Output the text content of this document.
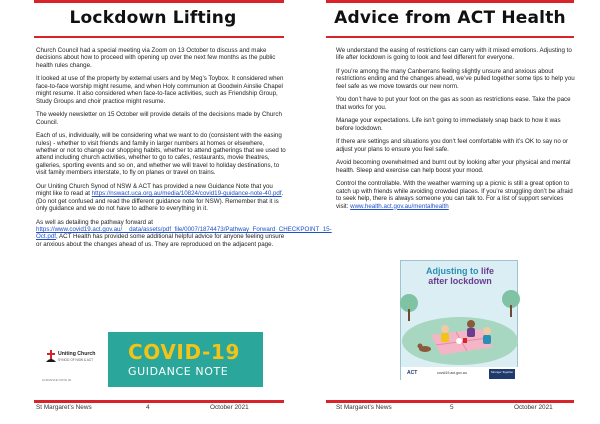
Lockdown Lifting

Church Council had a special meeting via Zoom on 13 October to discuss and make decisions about how to proceed with opening up over the next few months as the public health rules change.

It looked at use of the property by external users and by Meg’s Toybox. It considered when face-to-face worship might resume, and when Holy communion at Goodwin Ainslie Chapel might resume. It also considered when face-to-face activities, such as Friendship Group, Study Groups and choir practice might resume.

The weekly newsletter on 15 October will provide details of the decisions made by Church Council.

Each of us, individually, will be considering what we want to do (consistent with the easing rules) - whether to visit friends and family in larger numbers at homes or elsewhere, whether or not to change our shopping habits, whether to attend gatherings that we used to attend including church activities, whether to go to cafes, restaurants, movie theatres, galleries, sporting events and so on, and whether we will travel to holiday destinations, to visit family members interstate, to fly on planes or travel on trains.

Our Uniting Church Synod of NSW & ACT has provided a new Guidance Note that you might like to read at https://nswact.uca.org.au/media/10824/covid19-guidance-note-40.pdf. (Do not get confused and read the different guidance note for NSW). Remember that it is only guidance and we do not have to adhere to everything in it.

As well as detailing the pathway forward at https://www.covid19.act.gov.au/__data/assets/pdf_file/0007/1874473/Pathway_Forward_CHECKPOINT_15-Oct.pdf, ACT Health has provided some additional helpful advice for anyone feeling unsure or anxious about the changes ahead of us. They are reproduced on the adjacent page.

Uniting Church
SYNOD OF NSW & ACT
GUIDANCE NOTE 40
COVID-19
GUIDANCE NOTE
St Margaret’s News	4	October 2021
Advice from ACT Health

We understand the easing of restrictions can carry with it mixed emotions. Adjusting to life after lockdown is going to look and feel different for everyone.

If you’re among the many Canberrans feeling slightly unsure and anxious about restrictions ending and the changes ahead, we’ve pulled together some tips to help you feel safe as we move towards our new norm.

You don’t have to put your foot on the gas as soon as restrictions ease. Take the pace that works for you.

Manage your expectations. Life isn’t going to immediately snap back to how it was before lockdown.

If there are settings and situations you don’t feel comfortable with it’s OK to say no or adjust your plans to ensure you feel safe.

Avoid becoming overwhelmed and burnt out by looking after your physical and mental health. Sleep and exercise can help boost your mood.

Control the controllable. With the weather warming up a picnic is still a great option to catch up with friends while avoiding crowded places. If you’re struggling don’t be afraid to seek help, there is always someone you can talk to. For a list of support services visit: www.health.act.gov.au/mentalhealth

St Margaret’s News	5	October 2021
Adjusting to life
after lockdown
ACT	covid19.act.gov.au	Stronger Together
